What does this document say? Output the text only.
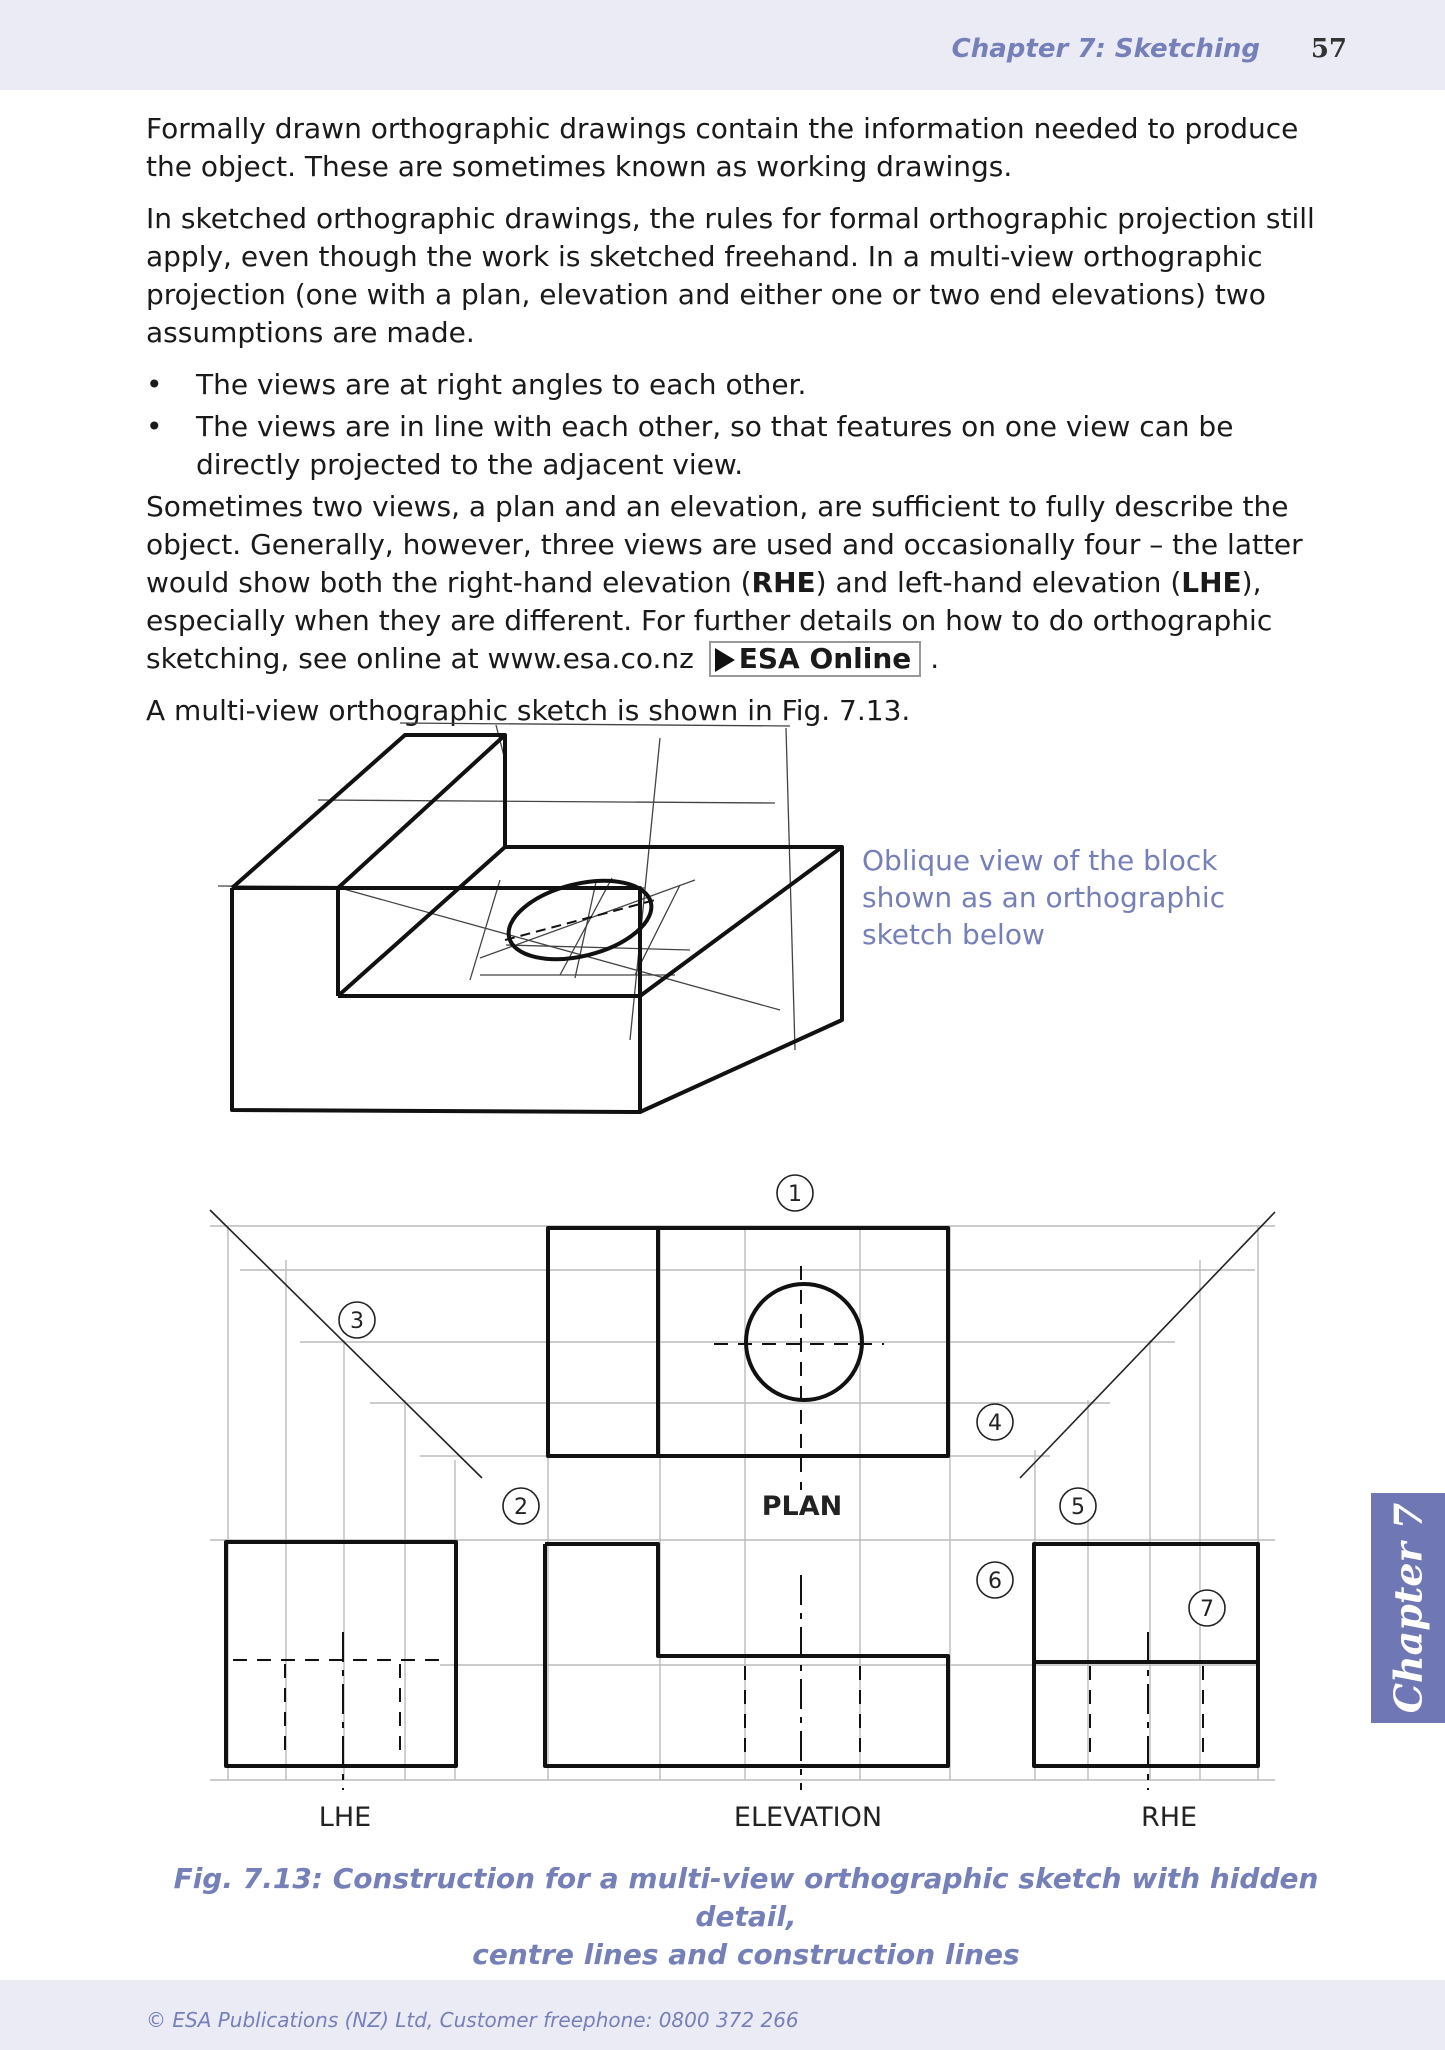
Chapter 7: Sketching 57

Formally drawn orthographic drawings contain the information needed to produce the object. These are sometimes known as working drawings.

In sketched orthographic drawings, the rules for formal orthographic projection still apply, even though the work is sketched freehand. In a multi-view orthographic projection (one with a plan, elevation and either one or two end elevations) two assumptions are made.

• The views are at right angles to each other.
• The views are in line with each other, so that features on one view can be directly projected to the adjacent view.

Sometimes two views, a plan and an elevation, are sufficient to fully describe the object. Generally, however, three views are used and occasionally four – the latter would show both the right-hand elevation (RHE) and left-hand elevation (LHE), especially when they are different. For further details on how to do orthographic sketching, see online at www.esa.co.nz ESA Online .

A multi-view orthographic sketch is shown in Fig. 7.13.

Oblique view of the block shown as an orthographic sketch below
1
2
3
4
5
6
7
PLAN
LHE	ELEVATION	RHE
Fig. 7.13: Construction for a multi-view orthographic sketch with hidden detail,
centre lines and construction lines
Chapter 7
© ESA Publications (NZ) Ltd, Customer freephone: 0800 372 266
